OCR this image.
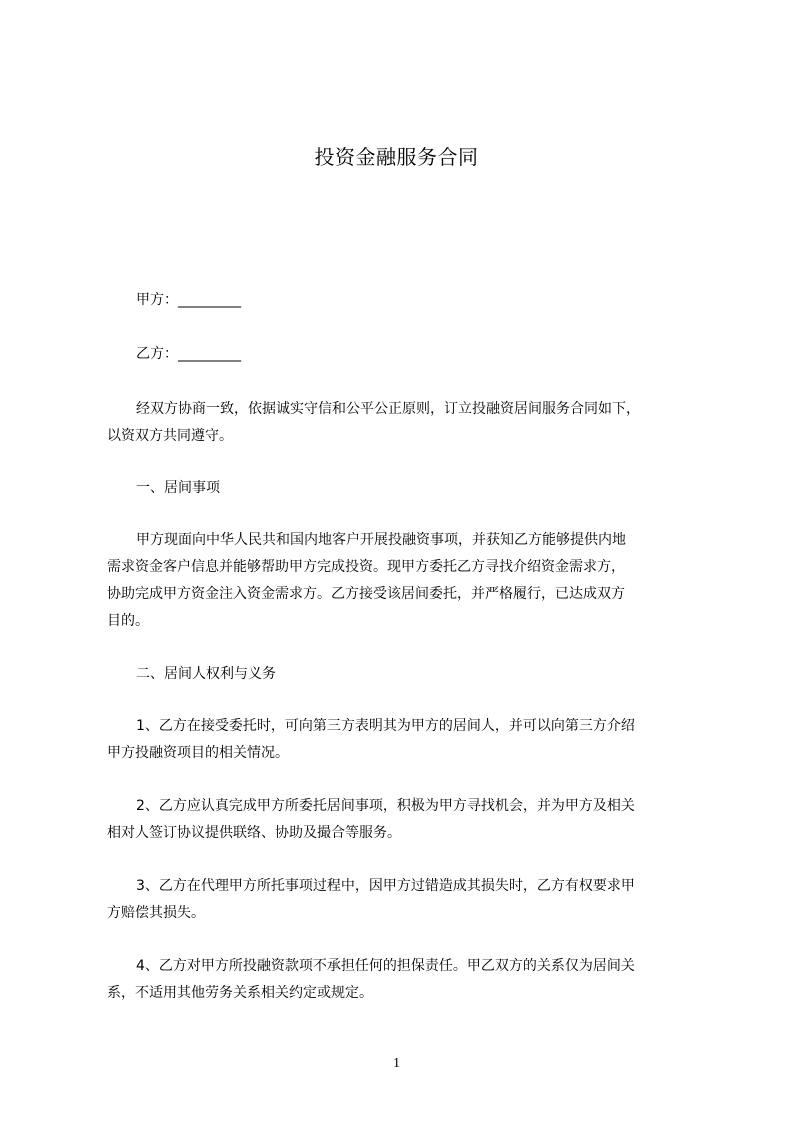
投资金融服务合同
甲方：_________
乙方：_________
经双方协商一致，依据诚实守信和公平公正原则，订立投融资居间服务合同如下，
以资双方共同遵守。
一、居间事项
甲方现面向中华人民共和国内地客户开展投融资事项，并获知乙方能够提供内地
需求资金客户信息并能够帮助甲方完成投资。现甲方委托乙方寻找介绍资金需求方，
协助完成甲方资金注入资金需求方。乙方接受该居间委托，并严格履行，已达成双方
目的。
二、居间人权利与义务
1、乙方在接受委托时，可向第三方表明其为甲方的居间人，并可以向第三方介绍
甲方投融资项目的相关情况。
2、乙方应认真完成甲方所委托居间事项，积极为甲方寻找机会，并为甲方及相关
相对人签订协议提供联络、协助及撮合等服务。
3、乙方在代理甲方所托事项过程中，因甲方过错造成其损失时，乙方有权要求甲
方赔偿其损失。
4、乙方对甲方所投融资款项不承担任何的担保责任。甲乙双方的关系仅为居间关
系，不适用其他劳务关系相关约定或规定。
1
